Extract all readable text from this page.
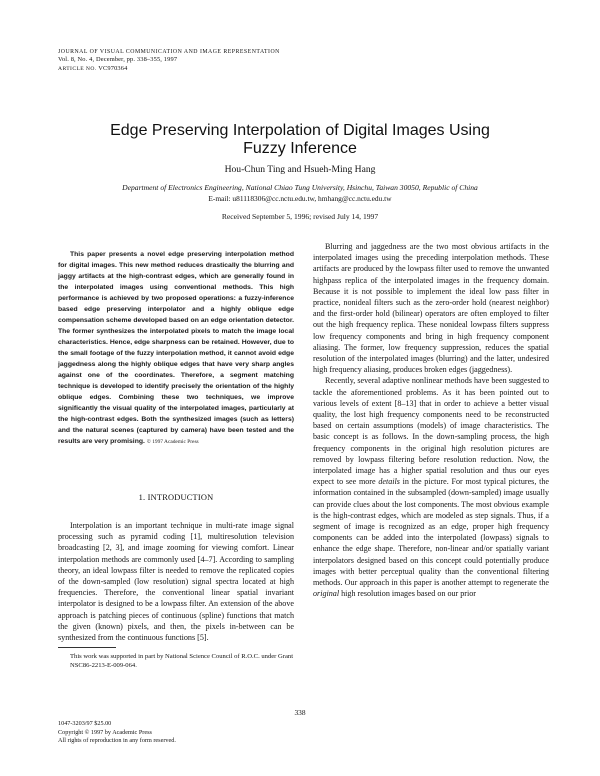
JOURNAL OF VISUAL COMMUNICATION AND IMAGE REPRESENTATION
Vol. 8, No. 4, December, pp. 338–355, 1997
ARTICLE NO. VC970364
Edge Preserving Interpolation of Digital Images Using
Fuzzy Inference
Hou-Chun Ting and Hsueh-Ming Hang
Department of Electronics Engineering, National Chiao Tung University, Hsinchu, Taiwan 30050, Republic of China
E-mail: u81118306@cc.nctu.edu.tw, hmhang@cc.nctu.edu.tw
Received September 5, 1996; revised July 14, 1997
This paper presents a novel edge preserving interpolation method for digital images. This new method reduces drastically the blurring and jaggy artifacts at the high-contrast edges, which are generally found in the interpolated images using conventional methods. This high performance is achieved by two proposed operations: a fuzzy-inference based edge preserving interpolator and a highly oblique edge compensation scheme developed based on an edge orientation detector. The former synthesizes the interpolated pixels to match the image local characteristics. Hence, edge sharpness can be retained. However, due to the small footage of the fuzzy interpolation method, it cannot avoid edge jaggedness along the highly oblique edges that have very sharp angles against one of the coordinates. Therefore, a segment matching technique is developed to identify precisely the orientation of the highly oblique edges. Combining these two techniques, we improve significantly the visual quality of the interpolated images, particularly at the high-contrast edges. Both the synthesized images (such as letters) and the natural scenes (captured by camera) have been tested and the results are very promising. © 1997 Academic Press
1. INTRODUCTION

Interpolation is an important technique in multi-rate image signal processing such as pyramid coding [1], multiresolution television broadcasting [2, 3], and image zooming for viewing comfort. Linear interpolation methods are commonly used [4–7]. According to sampling theory, an ideal lowpass filter is needed to remove the replicated copies of the down-sampled (low resolution) signal spectra located at high frequencies. Therefore, the conventional linear spatial invariant interpolator is designed to be a lowpass filter. An extension of the above approach is patching pieces of continuous (spline) functions that match the given (known) pixels, and then, the pixels in-between can be synthesized from the continuous functions [5].

This work was supported in part by National Science Council of R.O.C. under Grant NSC86-2213-E-009-064.

Blurring and jaggedness are the two most obvious artifacts in the interpolated images using the preceding interpolation methods. These artifacts are produced by the lowpass filter used to remove the unwanted highpass replica of the interpolated images in the frequency domain. Because it is not possible to implement the ideal low pass filter in practice, nonideal filters such as the zero-order hold (nearest neighbor) and the first-order hold (bilinear) operators are often employed to filter out the high frequency replica. These nonideal lowpass filters suppress low frequency components and bring in high frequency component aliasing. The former, low frequency suppression, reduces the spatial resolution of the interpolated images (blurring) and the latter, undesired high frequency aliasing, produces broken edges (jaggedness).

Recently, several adaptive nonlinear methods have been suggested to tackle the aforementioned problems. As it has been pointed out to various levels of extent [8–13] that in order to achieve a better visual quality, the lost high frequency components need to be reconstructed based on certain assumptions (models) of image characteristics. The basic concept is as follows. In the down-sampling process, the high frequency components in the original high resolution pictures are removed by lowpass filtering before resolution reduction. Now, the interpolated image has a higher spatial resolution and thus our eyes expect to see more details in the picture. For most typical pictures, the information contained in the subsampled (down-sampled) image usually can provide clues about the lost components. The most obvious example is the high-contrast edges, which are modeled as step signals. Thus, if a segment of image is recognized as an edge, proper high frequency components can be added into the interpolated (lowpass) signals to enhance the edge shape. Therefore, non-linear and/or spatially variant interpolators designed based on this concept could potentially produce images with better perceptual quality than the conventional filtering methods. Our approach in this paper is another attempt to regenerate the original high resolution images based on our prior

338
1047-3203/97 $25.00
Copyright © 1997 by Academic Press
All rights of reproduction in any form reserved.
